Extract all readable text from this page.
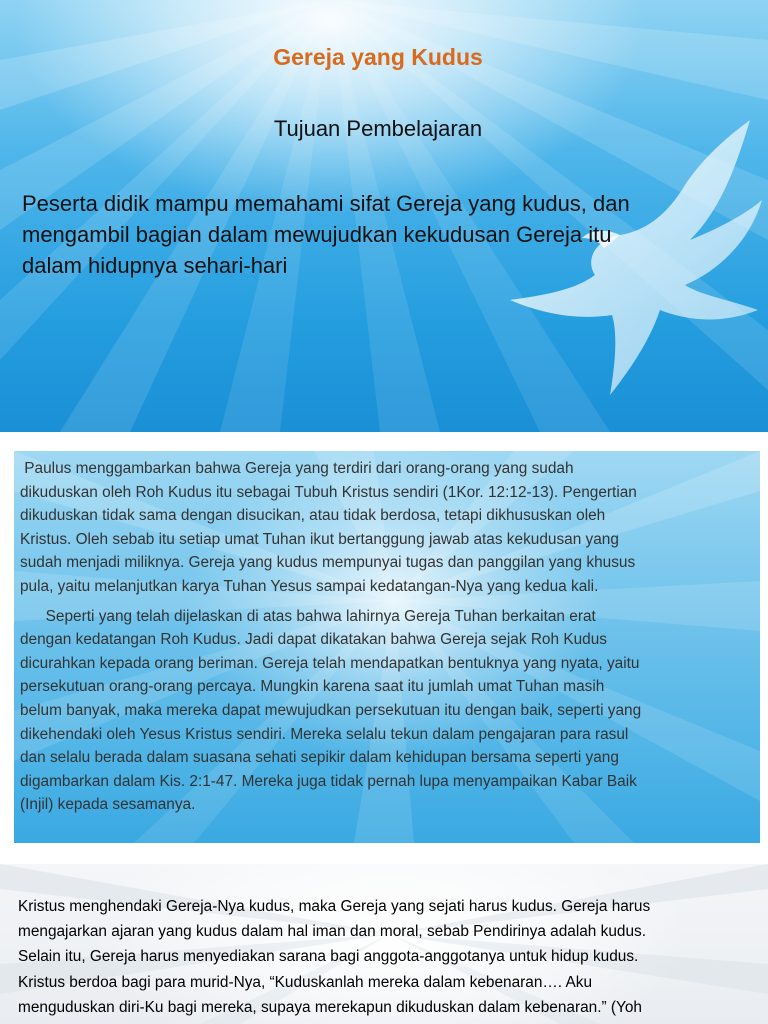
Gereja yang Kudus
Tujuan Pembelajaran
Peserta didik mampu memahami sifat Gereja yang kudus, dan
mengambil bagian dalam mewujudkan kekudusan Gereja itu
dalam hidupnya sehari-hari
Paulus menggambarkan bahwa Gereja yang terdiri dari orang-orang yang sudah
dikuduskan oleh Roh Kudus itu sebagai Tubuh Kristus sendiri (1Kor. 12:12-13). Pengertian
dikuduskan tidak sama dengan disucikan, atau tidak berdosa, tetapi dikhususkan oleh
Kristus. Oleh sebab itu setiap umat Tuhan ikut bertanggung jawab atas kekudusan yang
sudah menjadi miliknya. Gereja yang kudus mempunyai tugas dan panggilan yang khusus
pula, yaitu melanjutkan karya Tuhan Yesus sampai kedatangan-Nya yang kedua kali.
Seperti yang telah dijelaskan di atas bahwa lahirnya Gereja Tuhan berkaitan erat
dengan kedatangan Roh Kudus. Jadi dapat dikatakan bahwa Gereja sejak Roh Kudus
dicurahkan kepada orang beriman. Gereja telah mendapatkan bentuknya yang nyata, yaitu
persekutuan orang-orang percaya. Mungkin karena saat itu jumlah umat Tuhan masih
belum banyak, maka mereka dapat mewujudkan persekutuan itu dengan baik, seperti yang
dikehendaki oleh Yesus Kristus sendiri. Mereka selalu tekun dalam pengajaran para rasul
dan selalu berada dalam suasana sehati sepikir dalam kehidupan bersama seperti yang
digambarkan dalam Kis. 2:1-47. Mereka juga tidak pernah lupa menyampaikan Kabar Baik
(Injil) kepada sesamanya.
Kristus menghendaki Gereja-Nya kudus, maka Gereja yang sejati harus kudus. Gereja harus
mengajarkan ajaran yang kudus dalam hal iman dan moral, sebab Pendirinya adalah kudus.
Selain itu, Gereja harus menyediakan sarana bagi anggota-anggotanya untuk hidup kudus.
Kristus berdoa bagi para murid-Nya, “Kuduskanlah mereka dalam kebenaran…. Aku
menguduskan diri-Ku bagi mereka, supaya merekapun dikuduskan dalam kebenaran.” (Yoh
